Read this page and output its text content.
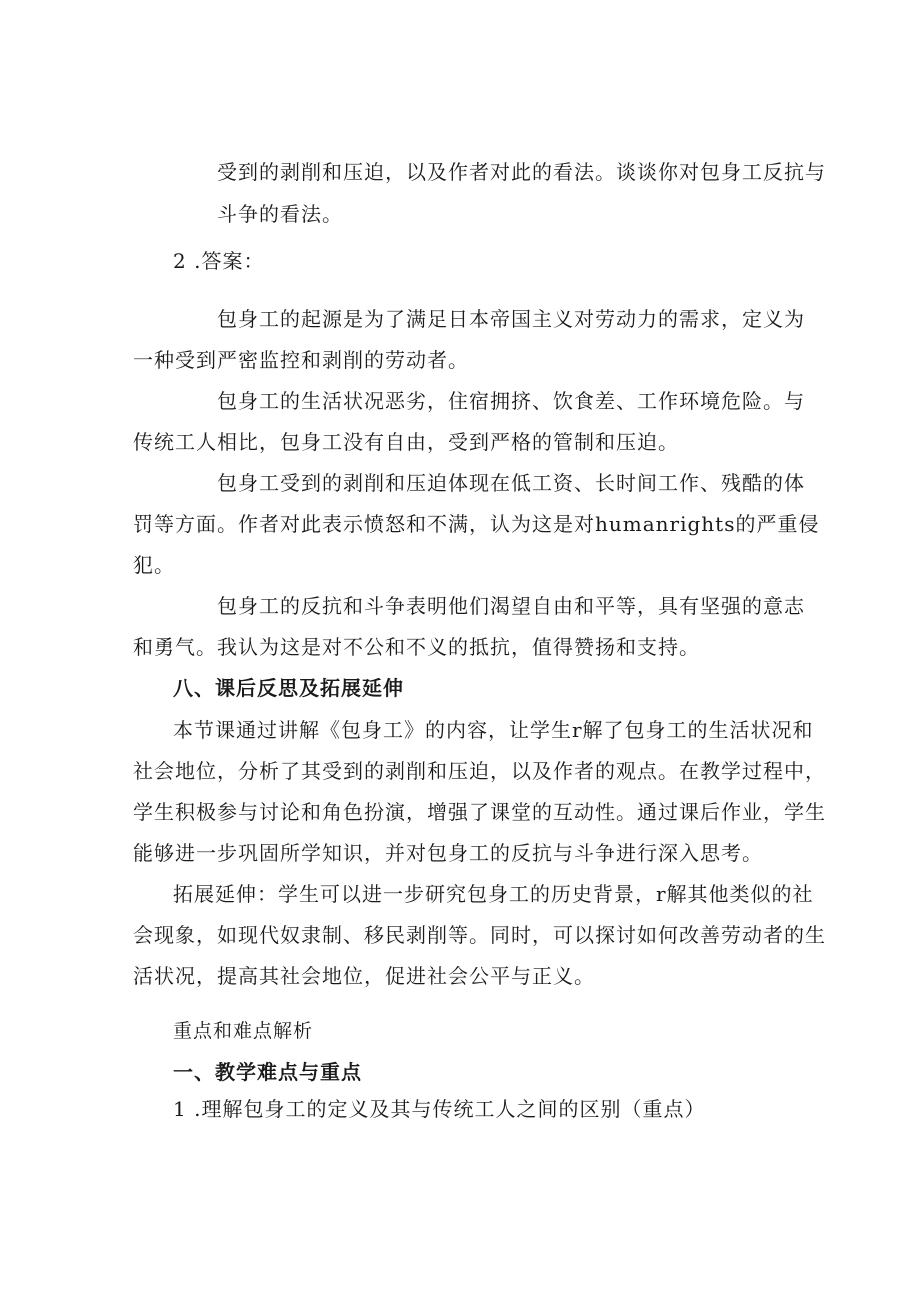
受到的剥削和压迫，以及作者对此的看法。谈谈你对包身工反抗与
斗争的看法。
2 .答案：
包身工的起源是为了满足日本帝国主义对劳动力的需求，定义为
一种受到严密监控和剥削的劳动者。
包身工的生活状况恶劣，住宿拥挤、饮食差、工作环境危险。与
传统工人相比，包身工没有自由，受到严格的管制和压迫。
包身工受到的剥削和压迫体现在低工资、长时间工作、残酷的体
罚等方面。作者对此表示愤怒和不满，认为这是对humanrights的严重侵
犯。
包身工的反抗和斗争表明他们渴望自由和平等，具有坚强的意志
和勇气。我认为这是对不公和不义的抵抗，值得赞扬和支持。
八、课后反思及拓展延伸
本节课通过讲解《包身工》的内容，让学生r解了包身工的生活状况和
社会地位，分析了其受到的剥削和压迫，以及作者的观点。在教学过程中，
学生积极参与讨论和角色扮演，增强了课堂的互动性。通过课后作业，学生
能够进一步巩固所学知识，并对包身工的反抗与斗争进行深入思考。
拓展延伸：学生可以进一步研究包身工的历史背景，r解其他类似的社
会现象，如现代奴隶制、移民剥削等。同时，可以探讨如何改善劳动者的生
活状况，提高其社会地位，促进社会公平与正义。
重点和难点解析
一、教学难点与重点
1 .理解包身工的定义及其与传统工人之间的区别（重点）
